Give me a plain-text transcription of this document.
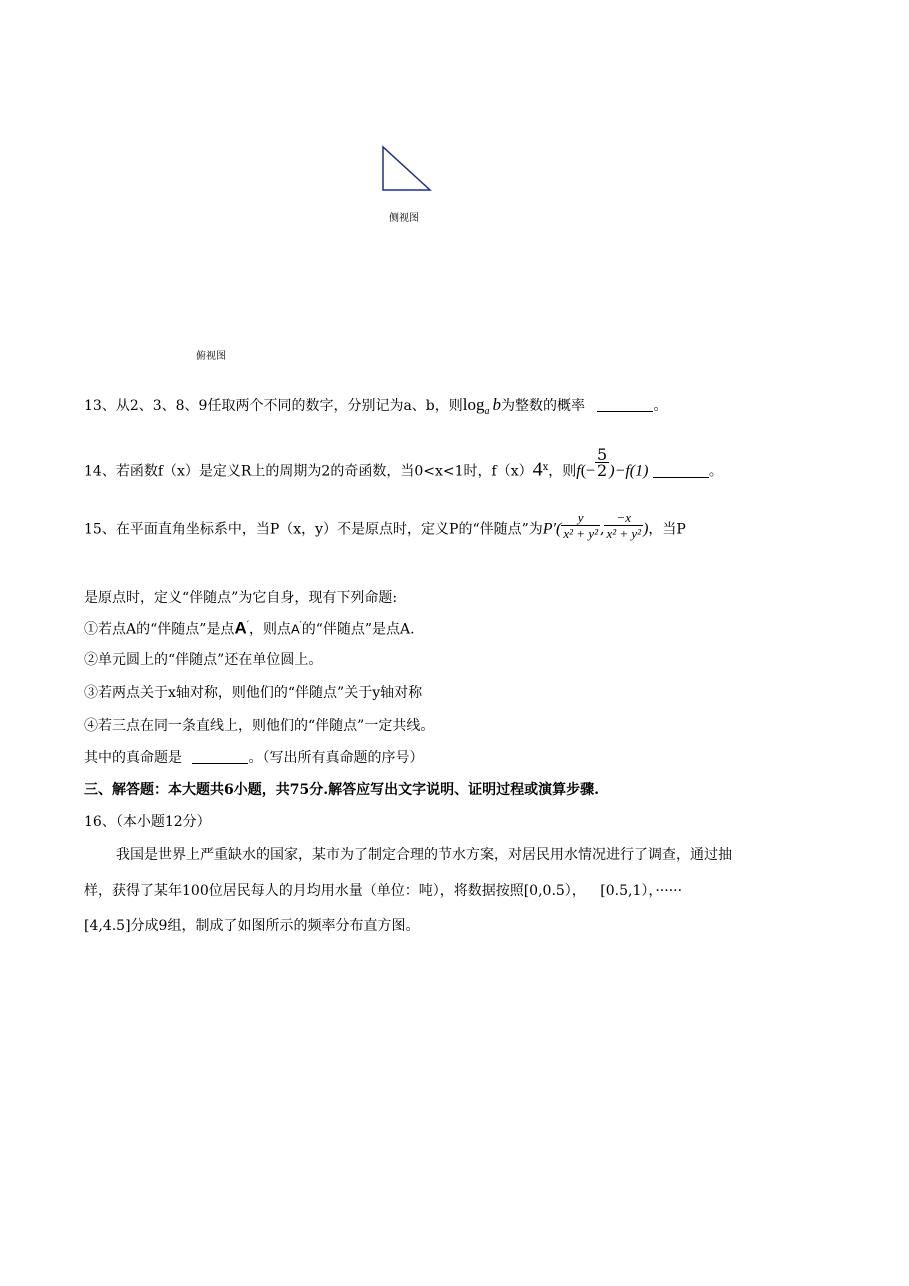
侧视图
俯视图
13、从2、3、8、9任取两个不同的数字，分别记为a、b，则$\log_a b$为整数的概率	。
14、若函数f（x）是定义R上的周期为2的奇函数，当0<x<1时，f（x）4$^x$，则$f(- \frac{5}{2} )-f(1)$	。
15、在平面直角坐标系中，当P（x，y）不是原点时，定义P的“伴随点”为$P'( \frac{y}{\text{x² + y²}}$ , $\frac{-x}{\text{x² + y²}}$ )，当P
是原点时，定义“伴随点”为它自身，现有下列命题:
①若点A的“伴随点”是点A′，则点A′的“伴随点”是点A.
②单元圆上的“伴随点”还在单位圆上。
③若两点关于x轴对称，则他们的“伴随点”关于y轴对称
④若三点在同一条直线上，则他们的“伴随点”一定共线。
其中的真命题是	。（写出所有真命题的序号）
三、解答题：本大题共6小题，共75分.解答应写出文字说明、证明过程或演算步骤.
16、（本小题12分）
我国是世界上严重缺水的国家，某市为了制定合理的节水方案，对居民用水情况进行了调查，通过抽
样，获得了某年100位居民每人的月均用水量（单位：吨），将数据按照[0,0.5）， [0.5,1），······
[4,4.5]分成9组，制成了如图所示的频率分布直方图。
